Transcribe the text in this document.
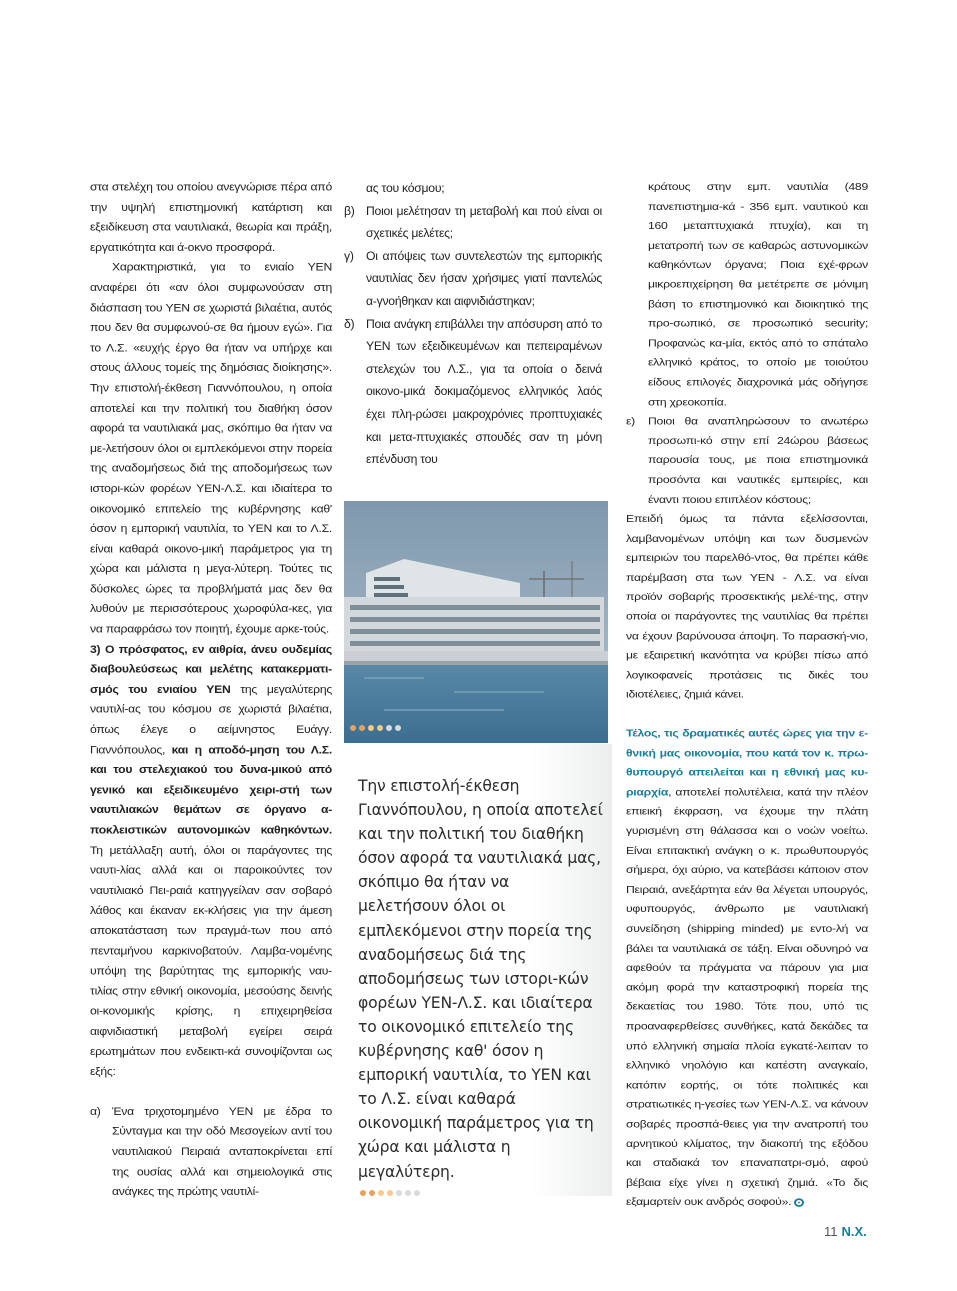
στα στελέχη του οποίου ανεγνώρισε πέρα από την υψηλή επιστημονική κατάρτιση και εξειδίκευση στα ναυτιλιακά, θεωρία και πράξη, εργατικότητα και ά-οκνο προσφορά.

Χαρακτηριστικά, για το ενιαίο ΥΕΝ αναφέρει ότι «αν όλοι συμφωνούσαν στη διάσπαση του ΥΕΝ σε χωριστά βιλαέτια, αυτός που δεν θα συμφωνού-σε θα ήμουν εγώ». Για το Λ.Σ. «ευχής έργο θα ήταν να υπήρχε και στους άλλους τομείς της δημόσιας διοίκησης». Την επιστολή-έκθεση Γιαννόπουλου, η οποία αποτελεί και την πολιτική του διαθήκη όσον αφορά τα ναυτιλιακά μας, σκόπιμο θα ήταν να με-λετήσουν όλοι οι εμπλεκόμενοι στην πορεία της αναδομήσεως διά της αποδομήσεως των ιστορι-κών φορέων ΥΕΝ-Λ.Σ. και ιδιαίτερα το οικονομικό επιτελείο της κυβέρνησης καθ' όσον η εμπορική ναυτιλία, το ΥΕΝ και το Λ.Σ. είναι καθαρά οικονο-μική παράμετρος για τη χώρα και μάλιστα η μεγα-λύτερη. Τούτες τις δύσκολες ώρες τα προβλήματά μας δεν θα λυθούν με περισσότερους χωροφύλα-κες, για να παραφράσω τον ποιητή, έχουμε αρκε-τούς.

3) Ο πρόσφατος, εν αιθρία, άνευ ουδεμίας διαβουλεύσεως και μελέτης κατακερματι-σμός του ενιαίου ΥΕΝ της μεγαλύτερης ναυτιλί-ας του κόσμου σε χωριστά βιλαέτια, όπως έλεγε ο αείμνηστος Ευάγγ. Γιαννόπουλος, και η αποδό-μηση του Λ.Σ. και του στελεχιακού του δυνα-μικού από γενικό και εξειδικευμένο χειρι-στή των ναυτιλιακών θεμάτων σε όργανο α-ποκλειστικών αυτονομικών καθηκόντων. Τη μετάλλαξη αυτή, όλοι οι παράγοντες της ναυτι-λίας αλλά και οι παροικούντες τον ναυτιλιακό Πει-ραιά κατηγγείλαν σαν σοβαρό λάθος και έκαναν εκ-κλήσεις για την άμεση αποκατάσταση των πραγμά-των που από πενταμήνου καρκινοβατούν. Λαμβα-νομένης υπόψη της βαρύτητας της εμπορικής ναυ-τιλίας στην εθνική οικονομία, μεσούσης δεινής οι-κονομικής κρίσης, η επιχειρηθείσα αιφνιδιαστική μεταβολή εγείρει σειρά ερωτημάτων που ενδεικτι-κά συνοψίζονται ως εξής:

α) Ένα τριχοτομημένο ΥΕΝ με έδρα το Σύνταγμα και την οδό Μεσογείων αντί του ναυτιλιακού Πειραιά ανταποκρίνεται επί της ουσίας αλλά και σημειολογικά στις ανάγκες της πρώτης ναυτιλί-

ας του κόσμου;

β) Ποιοι μελέτησαν τη μεταβολή και πού είναι οι σχετικές μελέτες;
γ)	Οι απόψεις των συντελεστών της εμπορικής ναυτιλίας δεν ήσαν χρήσιμες γιατί παντελώς α-γνοήθηκαν και αιφνιδιάστηκαν;
δ) Ποια ανάγκη επιβάλλει την απόσυρση από το ΥΕΝ των εξειδικευμένων και πεπειραμένων στελεχών του Λ.Σ., για τα οποία ο δεινά οικονο-μικά δοκιμαζόμενος ελληνικός λαός έχει πλη-ρώσει μακροχρόνιες προπτυχιακές και μετα-πτυχιακές σπουδές σαν τη μόνη επένδυση του
Την επιστολή-έκθεση Γιαννόπουλου, η οποία αποτελεί και την πολιτική του διαθήκη όσον αφορά τα ναυτιλιακά μας, σκόπιμο θα ήταν να μελετήσουν όλοι οι εμπλεκόμενοι στην πορεία της αναδομήσεως διά της αποδομήσεως των ιστορι-κών φορέων ΥΕΝ-Λ.Σ. και ιδιαίτερα το οικονομικό επιτελείο της κυβέρνησης καθ' όσον η εμπορική ναυτιλία, το ΥΕΝ και το Λ.Σ. είναι καθαρά οικονομική παράμετρος για τη χώρα και μάλιστα η μεγαλύτερη.

κράτους στην εμπ. ναυτιλία (489 πανεπιστημια-κά - 356 εμπ. ναυτικού και 160 μεταπτυχιακά πτυχία), και τη μετατροπή των σε καθαρώς αστυνομικών καθηκόντων όργανα; Ποια εχέ-φρων μικροεπιχείρηση θα μετέτρεπε σε μόνιμη βάση το επιστημονικό και διοικητικό της προ-σωπικό, σε προσωπικό security; Προφανώς κα-μία, εκτός από το σπάταλο ελληνικό κράτος, το οποίο με τοιούτου είδους επιλογές διαχρονικά μάς οδήγησε στη χρεοκοπία.

ε)	Ποιοι θα αναπληρώσουν το ανωτέρω προσωπι-κό στην επί 24ώρου βάσεως παρουσία τους, με ποια επιστημονικά προσόντα και ναυτικές εμπειρίες, και έναντι ποιου επιπλέον κόστους;

Επειδή όμως τα πάντα εξελίσσονται, λαμβανομένων υπόψη και των δυσμενών εμπειριών του παρελθό-ντος, θα πρέπει κάθε παρέμβαση στα των ΥΕΝ - Λ.Σ. να είναι προϊόν σοβαρής προσεκτικής μελέ-της, στην οποία οι παράγοντες της ναυτιλίας θα πρέπει να έχουν βαρύνουσα άποψη. Το παρασκή-νιο, με εξαιρετική ικανότητα να κρύβει πίσω από λογικοφανείς προτάσεις τις δικές του ιδιοτέλειες, ζημιά κάνει.

Τέλος, τις δραματικές αυτές ώρες για την ε-θνική μας οικονομία, που κατά τον κ. πρω-θυπουργό απειλείται και η εθνική μας κυ-ριαρχία, αποτελεί πολυτέλεια, κατά την πλέον επιεική έκφραση, να έχουμε την πλάτη γυρισμένη στη θάλασσα και ο νοών νοείτω. Είναι επιτακτική ανάγκη ο κ. πρωθυπουργός σήμερα, όχι αύριο, να κατεβάσει κάποιον στον Πειραιά, ανεξάρτητα εάν θα λέγεται υπουργός, υφυπουργός, άνθρωπο με ναυτιλιακή συνείδηση (shipping minded) με εντο-λή να βάλει τα ναυτιλιακά σε τάξη. Είναι οδυνηρό να αφεθούν τα πράγματα να πάρουν για μια ακόμη φορά την καταστροφική πορεία της δεκαετίας του 1980. Τότε που, υπό τις προαναφερθείσες συνθήκες, κατά δεκάδες τα υπό ελληνική σημαία πλοία εγκατέ-λειπαν το ελληνικό νηολόγιο και κατέστη αναγκαίο, κατόπιν εορτής, οι τότε πολιτικές και στρατιωτικές η-γεσίες των ΥΕΝ-Λ.Σ. να κάνουν σοβαρές προσπά-θειες για την ανατροπή του αρνητικού κλίματος, την διακοπή της εξόδου και σταδιακά τον επαναπατρι-σμό, αφού βέβαια είχε γίνει η σχετική ζημιά. «Το δις εξαμαρτείν ουκ ανδρός σοφού».

11 Ν.Χ.
